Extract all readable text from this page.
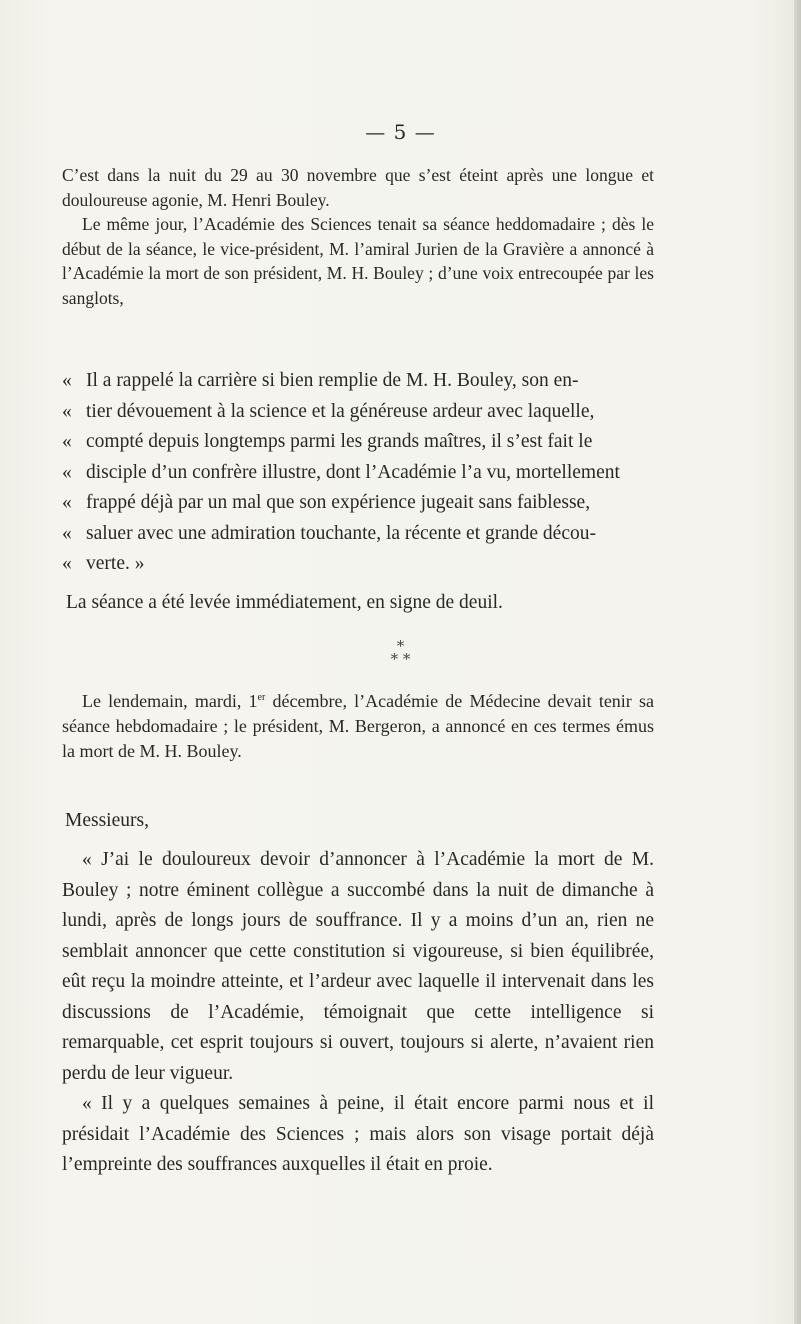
— 5 —

C’est dans la nuit du 29 au 30 novembre que s’est éteint après une longue et douloureuse agonie, M. Henri Bouley.

Le même jour, l’Académie des Sciences tenait sa séance heddomadaire ; dès le début de la séance, le vice-président, M. l’amiral Jurien de la Gravière a annoncé à l’Académie la mort de son président, M. H. Bouley ; d’une voix entrecoupée par les sanglots,

« Il a rappelé la carrière si bien remplie de M. H. Bouley, son en-
« tier dévouement à la science et la généreuse ardeur avec laquelle,
« compté depuis longtemps parmi les grands maîtres, il s’est fait le
« disciple d’un confrère illustre, dont l’Académie l’a vu, mortellement
« frappé déjà par un mal que son expérience jugeait sans faiblesse,
« saluer avec une admiration touchante, la récente et grande décou-
« verte. »

La séance a été levée immédiatement, en signe de deuil.

*
* *

Le lendemain, mardi, 1er décembre, l’Académie de Médecine devait tenir sa séance hebdomadaire ; le président, M. Bergeron, a annoncé en ces termes émus la mort de M. H. Bouley.

Messieurs,

« J’ai le douloureux devoir d’annoncer à l’Académie la mort de M. Bouley ; notre éminent collègue a succombé dans la nuit de dimanche à lundi, après de longs jours de souffrance. Il y a moins d’un an, rien ne semblait annoncer que cette constitution si vigoureuse, si bien équilibrée, eût reçu la moindre atteinte, et l’ardeur avec laquelle il intervenait dans les discussions de l’Académie, témoignait que cette intelligence si remarquable, cet esprit toujours si ouvert, toujours si alerte, n’avaient rien perdu de leur vigueur.

« Il y a quelques semaines à peine, il était encore parmi nous et il présidait l’Académie des Sciences ; mais alors son visage portait déjà l’empreinte des souffrances auxquelles il était en proie.
